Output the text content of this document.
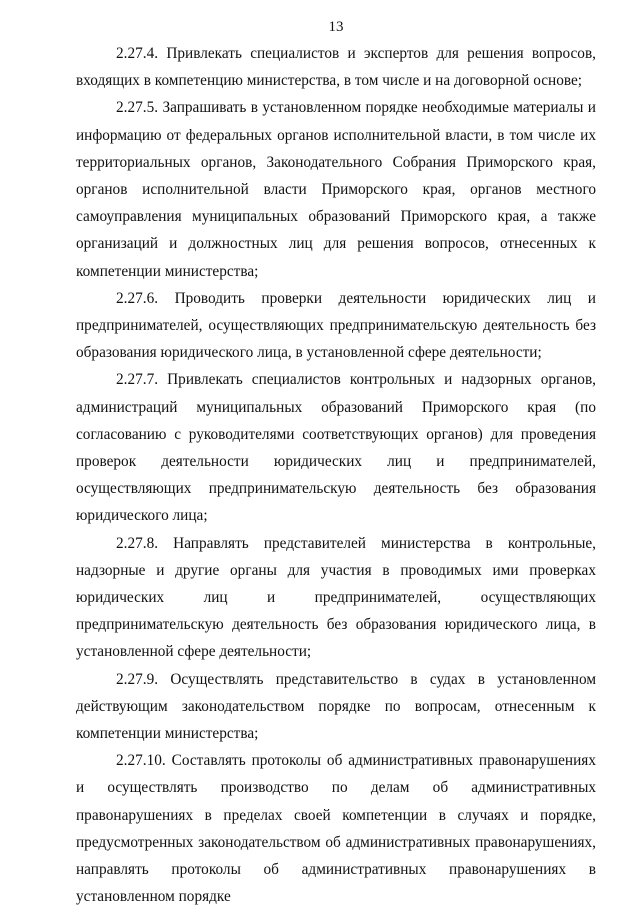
13

2.27.4. Привлекать специалистов и экспертов для решения вопросов, входящих в компетенцию министерства, в том числе и на договорной основе;

2.27.5. Запрашивать в установленном порядке необходимые материалы и информацию от федеральных органов исполнительной власти, в том числе их территориальных органов, Законодательного Собрания Приморского края, органов исполнительной власти Приморского края, органов местного самоуправления муниципальных образований Приморского края, а также организаций и должностных лиц для решения вопросов, отнесенных к компетенции министерства;

2.27.6. Проводить проверки деятельности юридических лиц и предпринимателей, осуществляющих предпринимательскую деятельность без образования юридического лица, в установленной сфере деятельности;

2.27.7. Привлекать специалистов контрольных и надзорных органов, администраций муниципальных образований Приморского края (по согласованию с руководителями соответствующих органов) для проведения проверок деятельности юридических лиц и предпринимателей, осуществляющих предпринимательскую деятельность без образования юридического лица;

2.27.8. Направлять представителей министерства в контрольные, надзорные и другие органы для участия в проводимых ими проверках юридических лиц и предпринимателей, осуществляющих предпринимательскую деятельность без образования юридического лица, в установленной сфере деятельности;

2.27.9. Осуществлять представительство в судах в установленном действующим законодательством порядке по вопросам, отнесенным к компетенции министерства;

2.27.10. Составлять протоколы об административных правонарушениях и осуществлять производство по делам об административных правонарушениях в пределах своей компетенции в случаях и порядке, предусмотренных законодательством об административных правонарушениях, направлять протоколы об административных правонарушениях в установленном порядке
